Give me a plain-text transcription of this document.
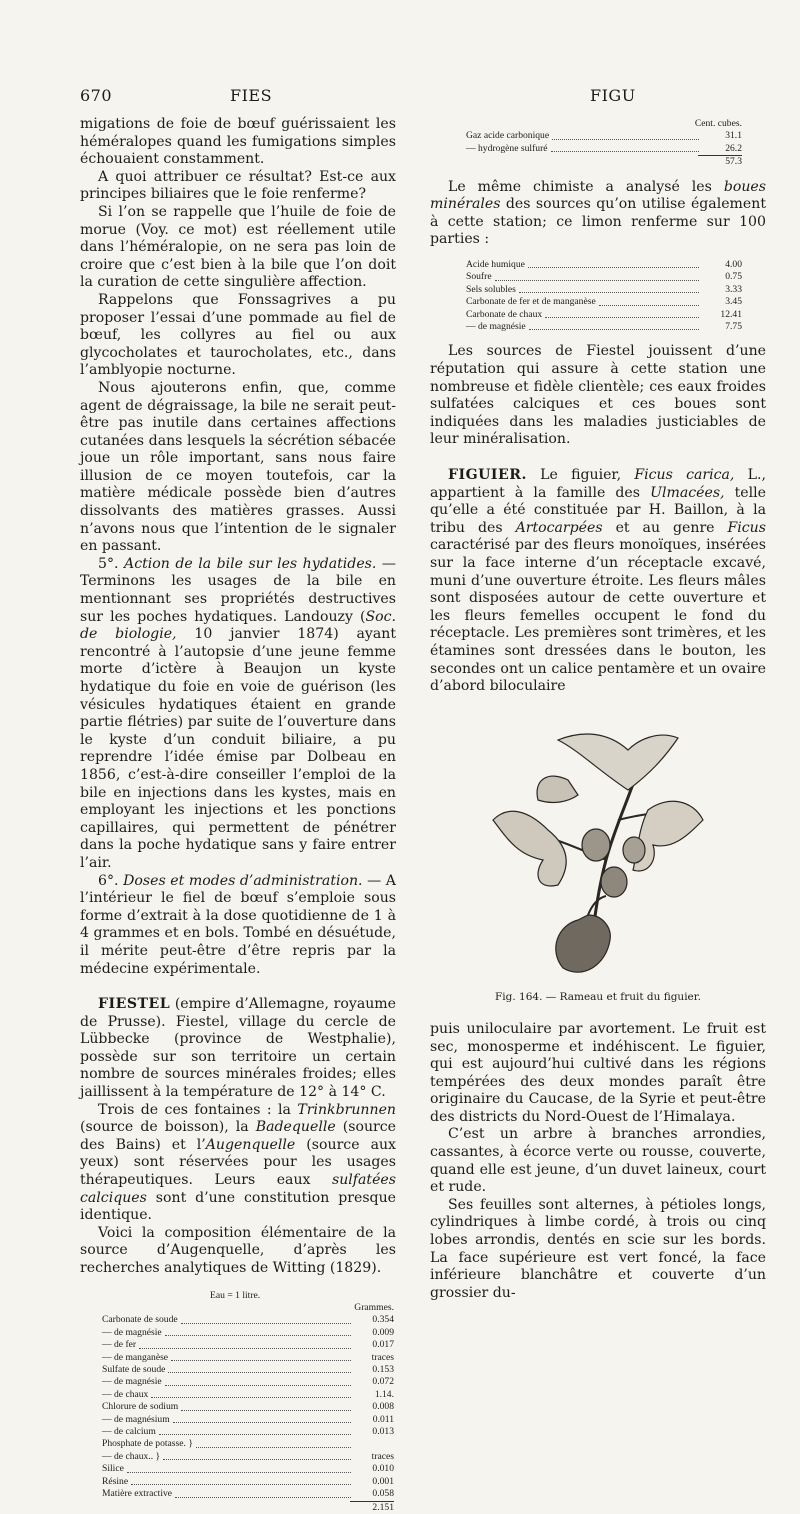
670	FIES	FIGU

migations de foie de bœuf guérissaient les héméralopes quand les fumigations simples échouaient constamment.

A quoi attribuer ce résultat? Est-ce aux principes biliaires que le foie renferme?

Si l’on se rappelle que l’huile de foie de morue (Voy. ce mot) est réellement utile dans l’héméralopie, on ne sera pas loin de croire que c’est bien à la bile que l’on doit la curation de cette singulière affection.

Rappelons que Fonssagrives a pu proposer l’essai d’une pommade au fiel de bœuf, les collyres au fiel ou aux glycocholates et taurocholates, etc., dans l’amblyopie nocturne.

Nous ajouterons enfin, que, comme agent de dégraissage, la bile ne serait peut-être pas inutile dans certaines affections cutanées dans lesquels la sécrétion sébacée joue un rôle important, sans nous faire illusion de ce moyen toutefois, car la matière médicale possède bien d’autres dissolvants des matières grasses. Aussi n’avons nous que l’intention de le signaler en passant.

5°. Action de la bile sur les hydatides. — Terminons les usages de la bile en mentionnant ses propriétés destructives sur les poches hydatiques. Landouzy (Soc. de biologie, 10 janvier 1874) ayant rencontré à l’autopsie d’une jeune femme morte d’ictère à Beaujon un kyste hydatique du foie en voie de guérison (les vésicules hydatiques étaient en grande partie flétries) par suite de l’ouverture dans le kyste d’un conduit biliaire, a pu reprendre l’idée émise par Dolbeau en 1856, c’est-à-dire conseiller l’emploi de la bile en injections dans les kystes, mais en employant les injections et les ponctions capillaires, qui permettent de pénétrer dans la poche hydatique sans y faire entrer l’air.

6°. Doses et modes d’administration. — A l’intérieur le fiel de bœuf s’emploie sous forme d’extrait à la dose quotidienne de 1 à 4 grammes et en bols. Tombé en désuétude, il mérite peut-être d’être repris par la médecine expérimentale.

FIESTEL (empire d’Allemagne, royaume de Prusse). Fiestel, village du cercle de Lübbecke (province de Westphalie), possède sur son territoire un certain nombre de sources minérales froides; elles jaillissent à la température de 12° à 14° C.

Trois de ces fontaines : la Trinkbrunnen (source de boisson), la Badequelle (source des Bains) et l’Augenquelle (source aux yeux) sont réservées pour les usages thérapeutiques. Leurs eaux sulfatées calciques sont d’une constitution presque identique.

Voici la composition élémentaire de la source d’Augenquelle, d’après les recherches analytiques de Witting (1829).

Eau = 1 litre.
Grammes.
Carbonate de soude	0.354
— de magnésie	0.009
— de fer	0.017
— de manganèse	traces
Sulfate de soude	0.153
— de magnésie	0.072
— de chaux	1.14.
Chlorure de sodium	0.008
— de magnésium	0.011
— de calcium	0.013
Phosphate de potasse. }
— de chaux.. }	traces
Silice	0.010
Résine	0.001
Matière extractive	0.058
2.151
Cent. cubes.
Gaz acide carbonique	31.1
— hydrogène sulfuré	26.2
57.3

Le même chimiste a analysé les boues minérales des sources qu’on utilise également à cette station; ce limon renferme sur 100 parties :

Acide humique	4.00
Soufre	0.75
Sels solubles	3.33
Carbonate de fer et de manganèse	3.45
Carbonate de chaux	12.41
— de magnésie	7.75

Les sources de Fiestel jouissent d’une réputation qui assure à cette station une nombreuse et fidèle clientèle; ces eaux froides sulfatées calciques et ces boues sont indiquées dans les maladies justiciables de leur minéralisation.

FIGUIER. Le figuier, Ficus carica, L., appartient à la famille des Ulmacées, telle qu’elle a été constituée par H. Baillon, à la tribu des Artocarpées et au genre Ficus caractérisé par des fleurs monoïques, insérées sur la face interne d’un réceptacle excavé, muni d’une ouverture étroite. Les fleurs mâles sont disposées autour de cette ouverture et les fleurs femelles occupent le fond du réceptacle. Les premières sont trimères, et les étamines sont dressées dans le bouton, les secondes ont un calice pentamère et un ovaire d’abord biloculaire

Fig. 164. — Rameau et fruit du figuier.

puis uniloculaire par avortement. Le fruit est sec, monosperme et indéhiscent. Le figuier, qui est aujourd’hui cultivé dans les régions tempérées des deux mondes paraît être originaire du Caucase, de la Syrie et peut-être des districts du Nord-Ouest de l’Himalaya.

C’est un arbre à branches arrondies, cassantes, à écorce verte ou rousse, couverte, quand elle est jeune, d’un duvet laineux, court et rude.

Ses feuilles sont alternes, à pétioles longs, cylindriques à limbe cordé, à trois ou cinq lobes arrondis, dentés en scie sur les bords. La face supérieure est vert foncé, la face inférieure blanchâtre et couverte d’un grossier du-
